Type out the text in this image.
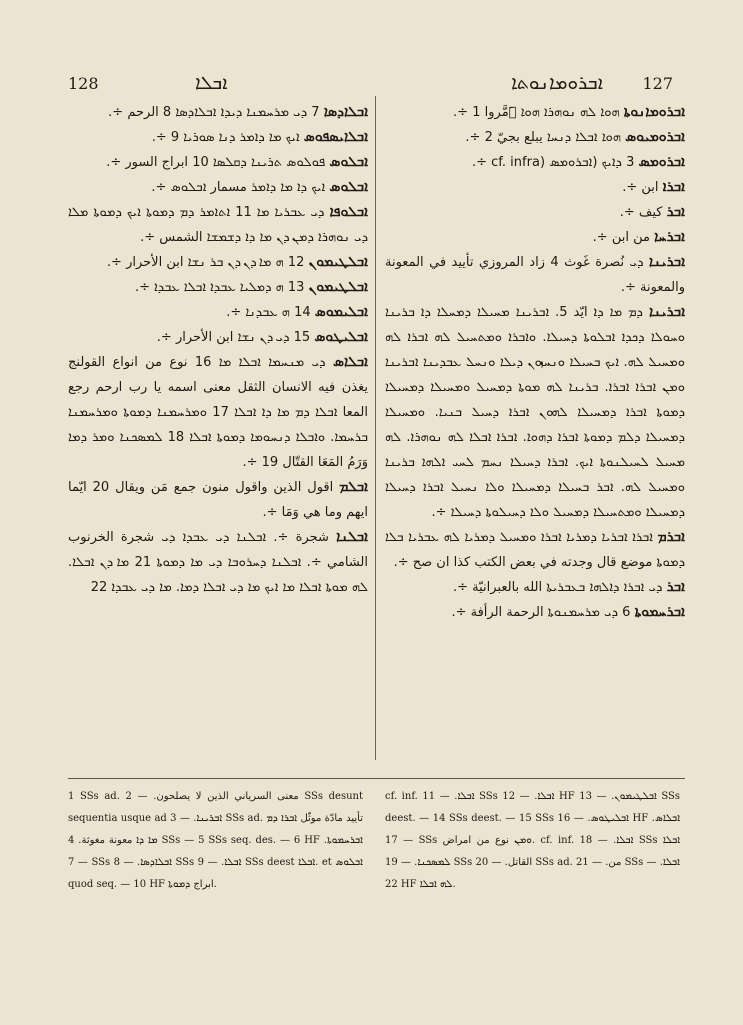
128	ܐܒܠܐ	ܐܒܪܘܡܐܢܘܬܐ 127

ܐܒܠܐܕܣܐ 7 ܕܝ ܡܪܚܡܢܐ ܕܝܕܐ ܐܒܠܐܕܣܐ 8 الرحم ÷.

ܐܒܠܐܝܣܦܘܣ ܐܝܟ ܡܐ ܕܐܡܪ ܕܢܐ ܣܘܪܝܐ 9 ÷.

ܐܒܠܘܣ ܦܘܠܘܣ ܬܪܝܢܐ ܕܩܠܣܐ 10 ابراج السور ÷.

ܐܒܠܘܣ ܐܝܟ ܕܐ ܡܐ ܕܐܡܪ مسمار ܐܒܠܘܣ ÷.

ܐܒܠܘܦܐ ܕܝ ܥܒܪܝܐ ܡܐ 11 ܐܬܐܡܪ ܕܡ ܕܡܘܬܐ ܐܝܟ ܕܡܘܬܐ ܡܠܐ ܕܝ ܢܘܗܪܐ ܕܡܢ ܕܢ ܡܐ ܕܐ ܕܫܡܫܐ الشمس ÷.

ܐܒܠܛܝܡܘܢ 12 ܗ ܡܐ ܕܢ ܕܢ ܒܪ ܢܫܐ ابن الأحرار ÷.

ܐܒܠܛܝܡܘܢ 13 ܗ ܕܡܠܝܐ ܥܒܕܐ ܐܒܠܐ ܥܒܕܐ ÷.

ܐܒܠܝܡܘܣ 14 ܗ ܥܒܕܢܐ ÷.

ܐܒܠܝܛܘܣ 15 ܕܝ ܕܢ ܢܫܐ ابن الأحرار ÷.

ܐܒܠܐܣ ܕܝ ܡܢܚܡܐ ܐܒܠܐ ܡܐ 16 نوع من انواع القولنج يغذن فيه الانسان الثقل معنى اسمه يا رب ارحم رجع المعا ܐܒܠܐ ܕܡ ܡܐ ܕܐ ܐܒܠܐ 17 ܘܡܪܚܡܢܐ ܕܡܘܬܐ ܘܡܪܚܡܢܐ ܒܪܚܡܐ. ܘܐܒܠܐ ܕܢܚܘܡܐ ܕܡܘܬܐ ܐܒܠܐ 18 ܠܡܣܟܢܐ ܘܡܪ ܕܡܐ وَرَمُ المَعَا القتّال 19 ÷.

ܐܒܠܡ اقول الذين واقول منون جمع مَن ويقال 20 ايّما ايهم وما هي وَمَا ÷.

ܐܒܠܢܐ شجرة ÷. ܐܒܠܢܐ ܕܝ ܥܒܕܐ ܕܝ شجرة الخرنوب الشامي ÷. ܐܒܠܢܐ ܕܚܪܘܒܐ ܕܝ ܡܐ ܕܡܘܬܐ 21 ܡܐ ܕܢ ܐܒܠܐ. ܠܗ ܡܘܬܐ ܐܒܠܐ ܡܐ ܐܝܟ ܡܐ ܕܝ ܐܒܠܐ ܕܡܐ. ܡܐ ܕܝ ܥܒܕܐ 22

ܐܒܪܘܡܐܢܘܬܐ ܗܘܐ ܠܗ ܢܘܗܪܐ ܗܘܐ ܕَمَّروا 1 ÷.

ܐܒܪܘܡܝܘܣ ܗܘܐ ܐܒܠܐ ܕܢܚܐ يبلع بجيّ 2 ÷.

ܐܒܪܘܡܣ 3 ܕܐܝܟ (ܐܒܪܘܡܣ (cf. infra ÷.

ܐܒܪܐ ابن ÷.

ܐܒܪ كيف ÷.

ܐܒܪܚܐ من ابن ÷.

ܐܒܪܝܢܐ ܕܝ نُصرة غَوث 4 زاد المروزي تأييد في المعونة والمعونة ÷.

ܐܒܪܝܢܐ ܕܡ ܡܐ ܕܐ ايّد 5. ܐܒܪܝܢܐ ܡܚܝܠܐ ܕܡܚܠܐ ܕܐ ܒܪܝܢܐ ܘܚܘܠܐ ܕܟܕܐ ܐܒܠܘܬܐ ܕܚܝܠܐ. ܘܐܒܪܐ ܘܡܬܚܝܠ ܠܗ ܐܒܪܐ ܠܗ ܘܡܚܝܠ ܠܗ. ܐܝܟ ܒܚܝܠܐ ܘܢܚܙܘܢ ܕܝܠܐ ܘܢܚܠ ܥܒܕܝܢܐ ܐܒܪܝܢܐ ܘܡܢ ܐܒܪܐ ܐܒܪܐ. ܒܪܝܢܐ ܠܗ ܡܘܬܐ ܕܡܚܝܠ ܘܡܚܝܠܐ ܕܡܚܝܠܐ ܕܡܘܬܐ ܐܒܪܐ ܕܡܚܝܠܐ ܠܗܘܢ ܐܒܪܐ ܕܚܝܠ ܒܢܝܐ. ܘܡܚܝܠܐ ܕܡܚܝܠܐ ܕܠܡ ܕܡܘܬܐ ܐܒܪܐ ܕܗܘܐ. ܐܒܪܐ ܐܒܠܐ ܠܗ ܢܘܗܪܐ. ܠܗ ܡܚܝܠ ܠܚܝܠܢܘܬܐ ܐܝܟ. ܐܒܪܐ ܕܚܝܠܐ ܢܚܡ ܠܚܝ ܐܠܗܐ ܒܪܝܢܐ ܘܡܚܝܠ ܠܗ. ܐܒܪ ܒܚܝܠܐ ܕܡܚܝܠܐ ܘܠܐ ܢܚܝܠ ܐܒܪܐ ܕܚܝܠܐ ܕܡܚܝܠܐ ܘܡܬܚܝܠܐ ܕܡܚܝܠ ܘܠܐ ܕܚܝܠܘܬܐ ܕܚܝܠܐ ÷.

ܐܒܪܡ ܐܒܪܐ ܐܒܪܝܐ ܕܡܪܝܐ ܐܒܪܐ ܘܡܚܝܠ ܕܡܪܝܐ ܠܗ ܥܒܪܝܐ ܒܠܐ ܕܡܘܬܐ موضع قال وجدته في بعض الكتب كذا ان صح ÷.

ܐܒܪ ܕܝ ܐܒܪܐ ܕܐܠܗܐ ܒܥܒܪܝܬܐ الله بالعبرانيّة ÷.

ܐܒܪܚܡܘܬܐ 6 ܕܝ ܡܪܚܡܢܘܬܐ الرحمة الرأفة ÷.

1 SSs ad. معنى السرياني الذين لا يصلحون. — 2 SSs desunt sequentia usque ad ܐܒܪܝܢܐ. — 3 SSs ad. تأييد مادّة موثّل ܐܒܪܐ ܕܡ ܡܐ ܕܐ معونة مغوثة. 4 SSs — 5 SSs seq. des. — 6 HF ܐܒܪܚܡܘܬܐ. — 7 SSs ܐܒܠܐܕܣܐ. — 8 SSs ܐܒܠܐ. — 9 SSs deest ܐܒܠܐ. et ܐܒܠܘܣ quod seq. — 10 HF ابراج ܕܡܘܬܐ.
cf. inf. ܐܒܠܐ. — 11 SSs ܐܒܠܐ. — 12 HF ܐܒܠܛܝܡܘܢ. — 13 SSs deest. — 14 SSs deest. — 15 SSs ܐܒܠܝܛܘܣ. — 16 HF ܐܒܠܐܣ. — 17 SSs ܘܡܢ نوع من امراض. cf. inf. ܐܒܠܐ. — 18 SSs ܐܒܠܐ ܠܡܣܟܢܐ. — 19 SSs القاتل. — 20 SSs ad. من. — 21 SSs ܐܒܠܐ. — 22 HF ܠܗ ܐܒܠܐ.
